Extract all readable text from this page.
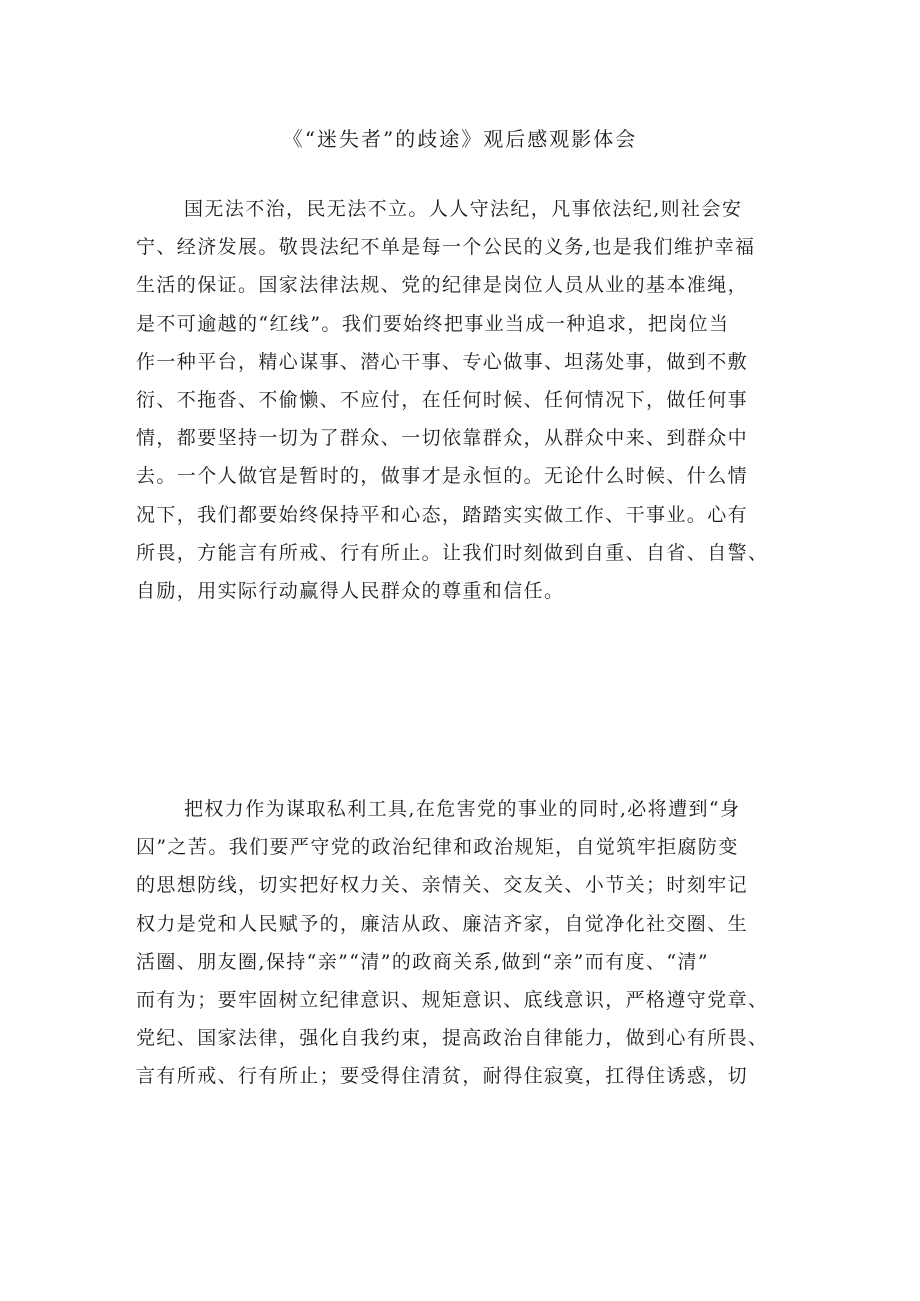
《“迷失者”的歧途》观后感观影体会
国无法不治，民无法不立。人人守法纪，凡事依法纪,则社会安
宁、经济发展。敬畏法纪不单是每一个公民的义务,也是我们维护幸福
生活的保证。国家法律法规、党的纪律是岗位人员从业的基本准绳，
是不可逾越的“红线”。我们要始终把事业当成一种追求，把岗位当
作一种平台，精心谋事、潜心干事、专心做事、坦荡处事，做到不敷
衍、不拖沓、不偷懒、不应付，在任何时候、任何情况下，做任何事
情，都要坚持一切为了群众、一切依靠群众，从群众中来、到群众中
去。一个人做官是暂时的，做事才是永恒的。无论什么时候、什么情
况下，我们都要始终保持平和心态，踏踏实实做工作、干事业。心有
所畏，方能言有所戒、行有所止。让我们时刻做到自重、自省、自警、
自励，用实际行动赢得人民群众的尊重和信任。
把权力作为谋取私利工具,在危害党的事业的同时,必将遭到“身
囚”之苦。我们要严守党的政治纪律和政治规矩，自觉筑牢拒腐防变
的思想防线，切实把好权力关、亲情关、交友关、小节关；时刻牢记
权力是党和人民赋予的，廉洁从政、廉洁齐家，自觉净化社交圈、生
活圈、朋友圈,保持“亲”“清”的政商关系,做到“亲”而有度、“清”
而有为；要牢固树立纪律意识、规矩意识、底线意识，严格遵守党章、
党纪、国家法律，强化自我约束，提高政治自律能力，做到心有所畏、
言有所戒、行有所止；要受得住清贫，耐得住寂寞，扛得住诱惑，切
